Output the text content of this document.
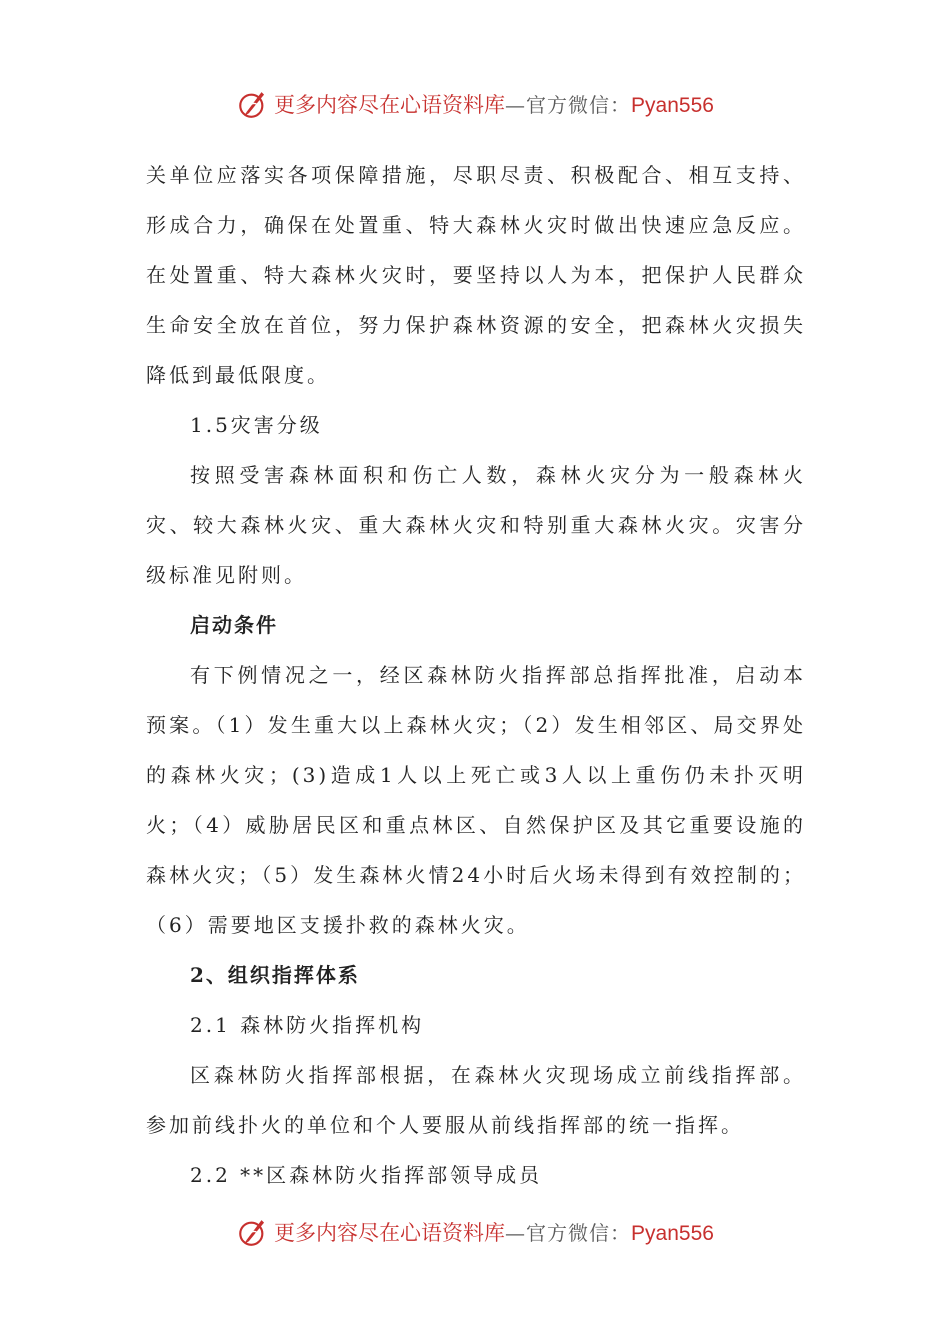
更多内容尽在心语资料库 —官方微信： Pyan556

关单位应落实各项保障措施，尽职尽责、积极配合、相互支持、形成合力，确保在处置重、特大森林火灾时做出快速应急反应。在处置重、特大森林火灾时，要坚持以人为本，把保护人民群众生命安全放在首位，努力保护森林资源的安全，把森林火灾损失降低到最低限度。

1.5灾害分级

按照受害森林面积和伤亡人数，森林火灾分为一般森林火灾、较大森林火灾、重大森林火灾和特别重大森林火灾。灾害分级标准见附则。

启动条件

有下例情况之一，经区森林防火指挥部总指挥批准，启动本预案。（1）发生重大以上森林火灾；（2）发生相邻区、局交界处的森林火灾；(3)造成1人以上死亡或3人以上重伤仍未扑灭明火；（4）威胁居民区和重点林区、自然保护区及其它重要设施的森林火灾；（5）发生森林火情24小时后火场未得到有效控制的；（6）需要地区支援扑救的森林火灾。

2、组织指挥体系

2.1 森林防火指挥机构

区森林防火指挥部根据，在森林火灾现场成立前线指挥部。参加前线扑火的单位和个人要服从前线指挥部的统一指挥。

2.2 **区森林防火指挥部领导成员

更多内容尽在心语资料库 —官方微信： Pyan556
